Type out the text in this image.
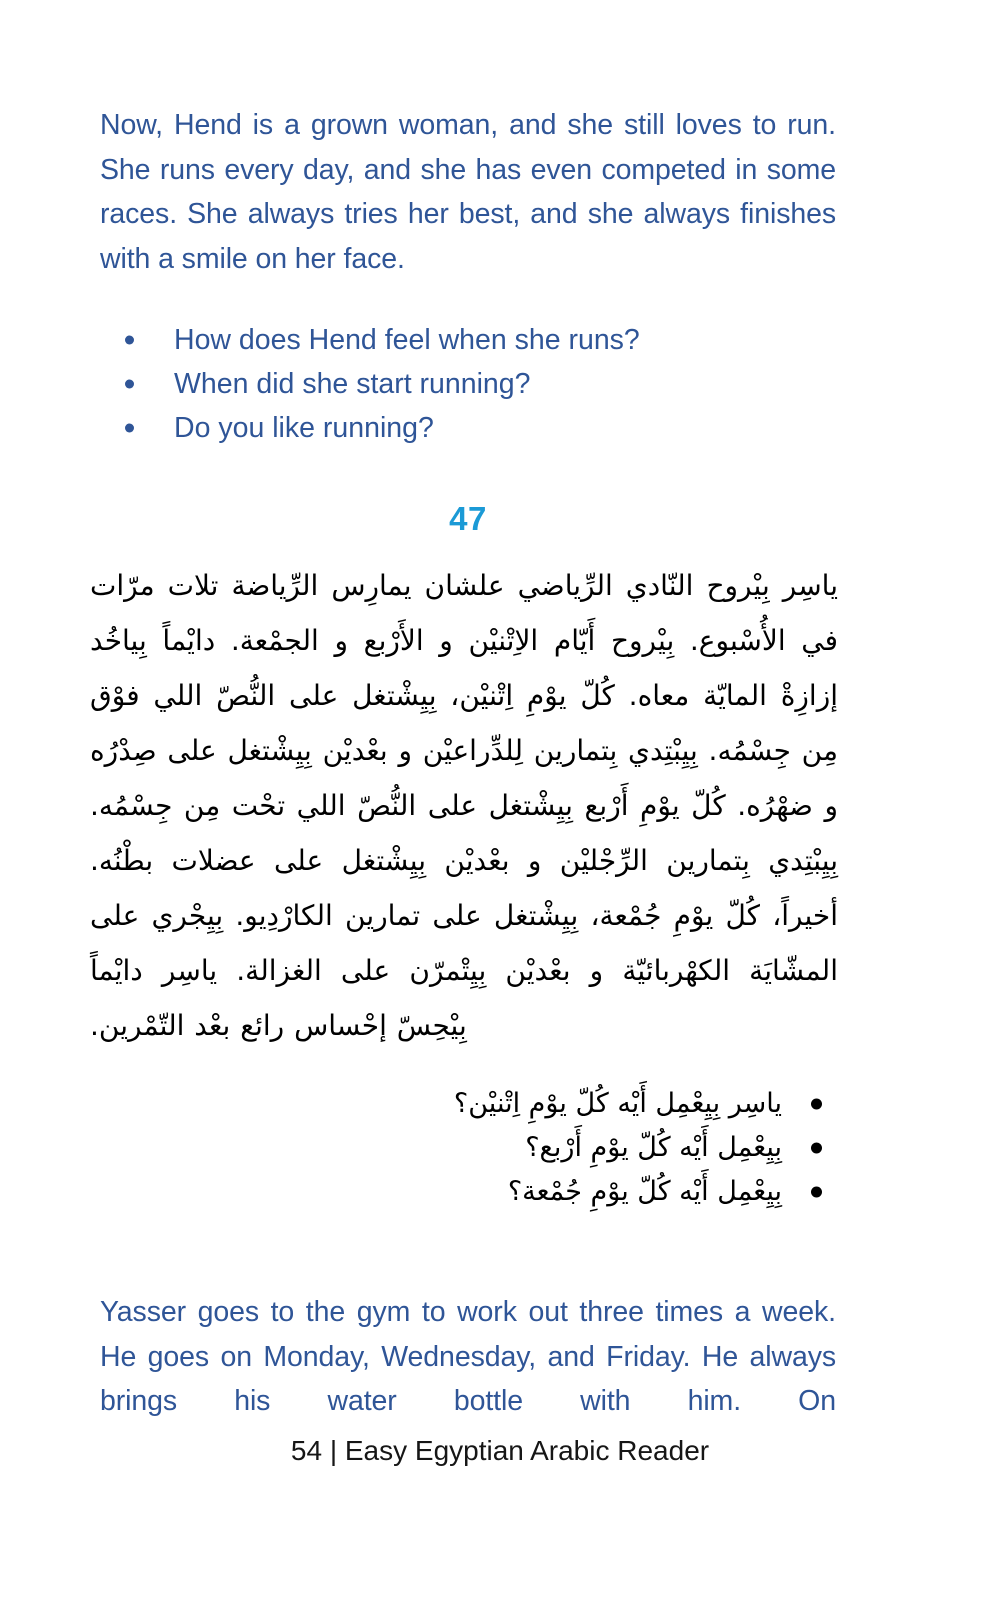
Now, Hend is a grown woman, and she still loves to run. She runs every day, and she has even competed in some races. She always tries her best, and she always finishes with a smile on her face.

How does Hend feel when she runs?
When did she start running?
Do you like running?
47
ياسِر بِيْروح النّادي الرِّياضي علشان يمارِس الرِّياضة تلات مرّات في الأُسْبوع. بِيْروح أَيّام الاِتْنيْن و الأَرْبع و الجمْعة. دايْماً بِياخُد إزازِةْ المايّة معاه. كُلّ يوْمِ اِتْنيْن، بِيِشْتغل على النُّصّ اللي فوْق مِن جِسْمُه. بِيِبْتِدي بِتمارين لِلدِّراعيْن و بعْديْن بِيِشْتغل على صِدْرُه و ضهْرُه. كُلّ يوْمِ أَرْبع بِيِشْتغل على النُّصّ اللي تحْت مِن جِسْمُه. بِيِبْتِدي بِتمارين الرِّجْليْن و بعْديْن بِيِشْتغل على عضلات بطْنُه. أخيراً، كُلّ يوْمِ جُمْعة، بِيِشْتغل على تمارين الكارْدِيو. بِيِجْري على المشّايَة الكهْربائيّة و بعْديْن بِيِتْمرّن على الغزالة. ياسِر دايْماً بِيْحِسّ إحْساس رائع بعْد التّمْرين.
ياسِر بِيِعْمِل أَيْه كُلّ يوْمِ اِتْنيْن؟
بِيِعْمِل أَيْه كُلّ يوْمِ أَرْبع؟
بِيِعْمِل أَيْه كُلّ يوْمِ جُمْعة؟

Yasser goes to the gym to work out three times a week. He goes on Monday, Wednesday, and Friday. He always brings his water bottle with him. On

54 | Easy Egyptian Arabic Reader
